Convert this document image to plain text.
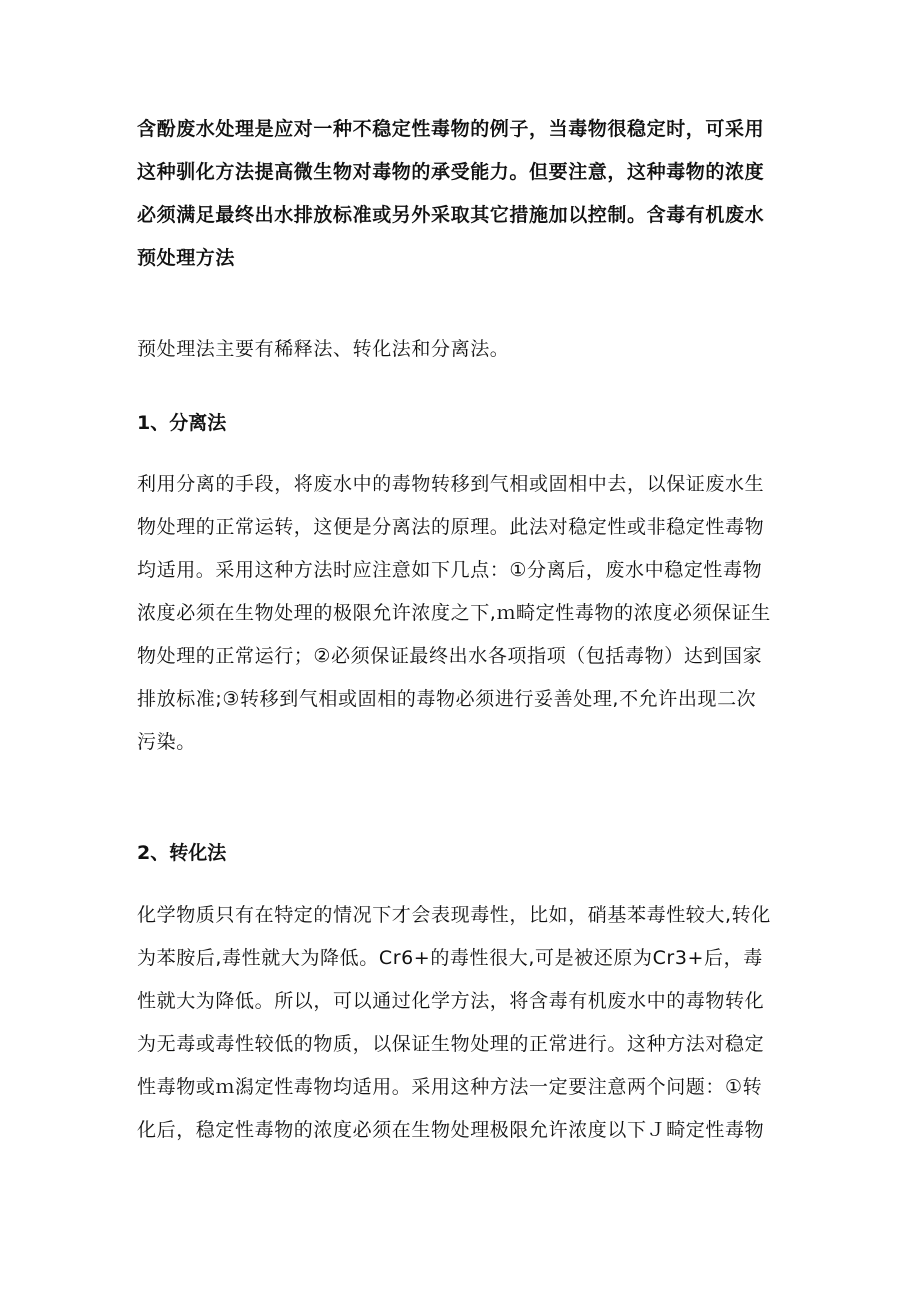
含酚废水处理是应对一种不稳定性毒物的例子，当毒物很稳定时，可采用
这种驯化方法提高微生物对毒物的承受能力。但要注意，这种毒物的浓度
必须满足最终出水排放标准或另外采取其它措施加以控制。含毒有机废水
预处理方法
预处理法主要有稀释法、转化法和分离法。
1、分离法
利用分离的手段，将废水中的毒物转移到气相或固相中去，以保证废水生
物处理的正常运转，这便是分离法的原理。此法对稳定性或非稳定性毒物
均适用。采用这种方法时应注意如下几点：①分离后，废水中稳定性毒物
浓度必须在生物处理的极限允许浓度之下,ｍ畸定性毒物的浓度必须保证生
物处理的正常运行；②必须保证最终出水各项指项（包括毒物）达到国家
排放标准;③转移到气相或固相的毒物必须进行妥善处理,不允许出现二次
污染。
2、转化法
化学物质只有在特定的情况下才会表现毒性，比如，硝基苯毒性较大,转化
为苯胺后,毒性就大为降低。Cr6+的毒性很大,可是被还原为Cr3+后，毒
性就大为降低。所以，可以通过化学方法，将含毒有机废水中的毒物转化
为无毒或毒性较低的物质，以保证生物处理的正常进行。这种方法对稳定
性毒物或ｍ潟定性毒物均适用。采用这种方法一定要注意两个问题：①转
化后，稳定性毒物的浓度必须在生物处理极限允许浓度以下Ｊ畸定性毒物
